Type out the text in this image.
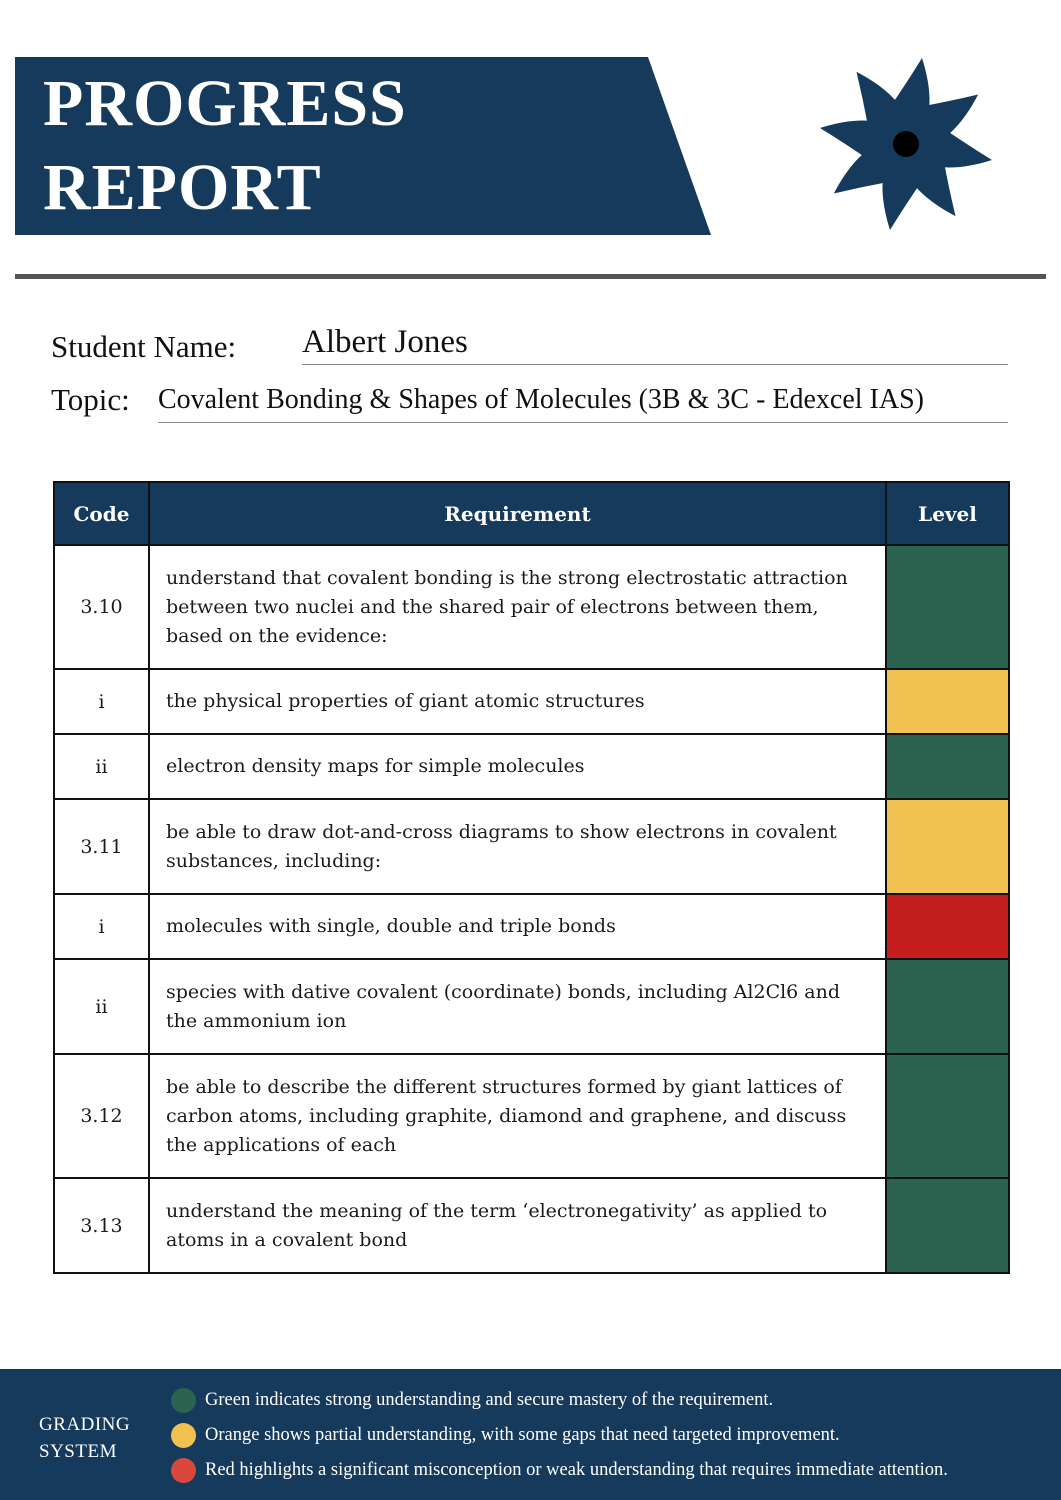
PROGRESS
REPORT
Student Name: Albert Jones
Topic: Covalent Bonding & Shapes of Molecules (3B & 3C - Edexcel IAS)
Code	Requirement	Level
3.10	understand that covalent bonding is the strong electrostatic attraction between two nuclei and the shared pair of electrons between them, based on the evidence:	
i	the physical properties of giant atomic structures	
ii	electron density maps for simple molecules	
3.11	be able to draw dot-and-cross diagrams to show electrons in covalent substances, including:	
i	molecules with single, double and triple bonds	
ii	species with dative covalent (coordinate) bonds, including Al2Cl6 and the ammonium ion	
3.12	be able to describe the different structures formed by giant lattices of carbon atoms, including graphite, diamond and graphene, and discuss the applications of each	
3.13	understand the meaning of the term ‘electronegativity’ as applied to atoms in a covalent bond	
GRADING
SYSTEM
Green indicates strong understanding and secure mastery of the requirement.
Orange shows partial understanding, with some gaps that need targeted improvement.
Red highlights a significant misconception or weak understanding that requires immediate attention.
